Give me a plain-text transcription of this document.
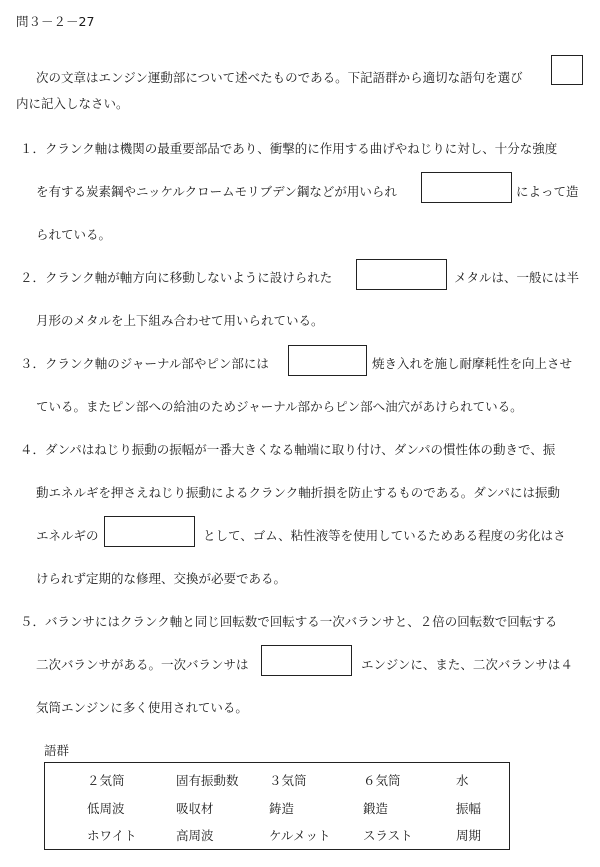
問３－２－27
次の文章はエンジン運動部について述べたものである。下記語群から適切な語句を選び
内に記入しなさい。
１．クランク軸は機関の最重要部品であり、衝撃的に作用する曲げやねじりに対し、十分な強度
を有する炭素鋼やニッケルクロームモリブデン鋼などが用いられ	によって造
られている。
２．クランク軸が軸方向に移動しないように設けられた	メタルは、一般には半
月形のメタルを上下組み合わせて用いられている。
３．クランク軸のジャーナル部やピン部には	焼き入れを施し耐摩耗性を向上させ
ている。またピン部への給油のためジャーナル部からピン部へ油穴があけられている。
４．ダンパはねじり振動の振幅が一番大きくなる軸端に取り付け、ダンパの慣性体の動きで、振
動エネルギを押さえねじり振動によるクランク軸折損を防止するものである。ダンパには振動
エネルギの	として、ゴム、粘性液等を使用しているためある程度の劣化はさ
けられず定期的な修理、交換が必要である。
５．バランサにはクランク軸と同じ回転数で回転する一次バランサと、２倍の回転数で回転する
二次バランサがある。一次バランサは	エンジンに、また、二次バランサは４
気筒エンジンに多く使用されている。
語群
２気筒	固有振動数 ３気筒	６気筒	水
低周波	吸収材	鋳造	鍛造	振幅
ホワイト	高周波	ケルメット	スラスト	周期
